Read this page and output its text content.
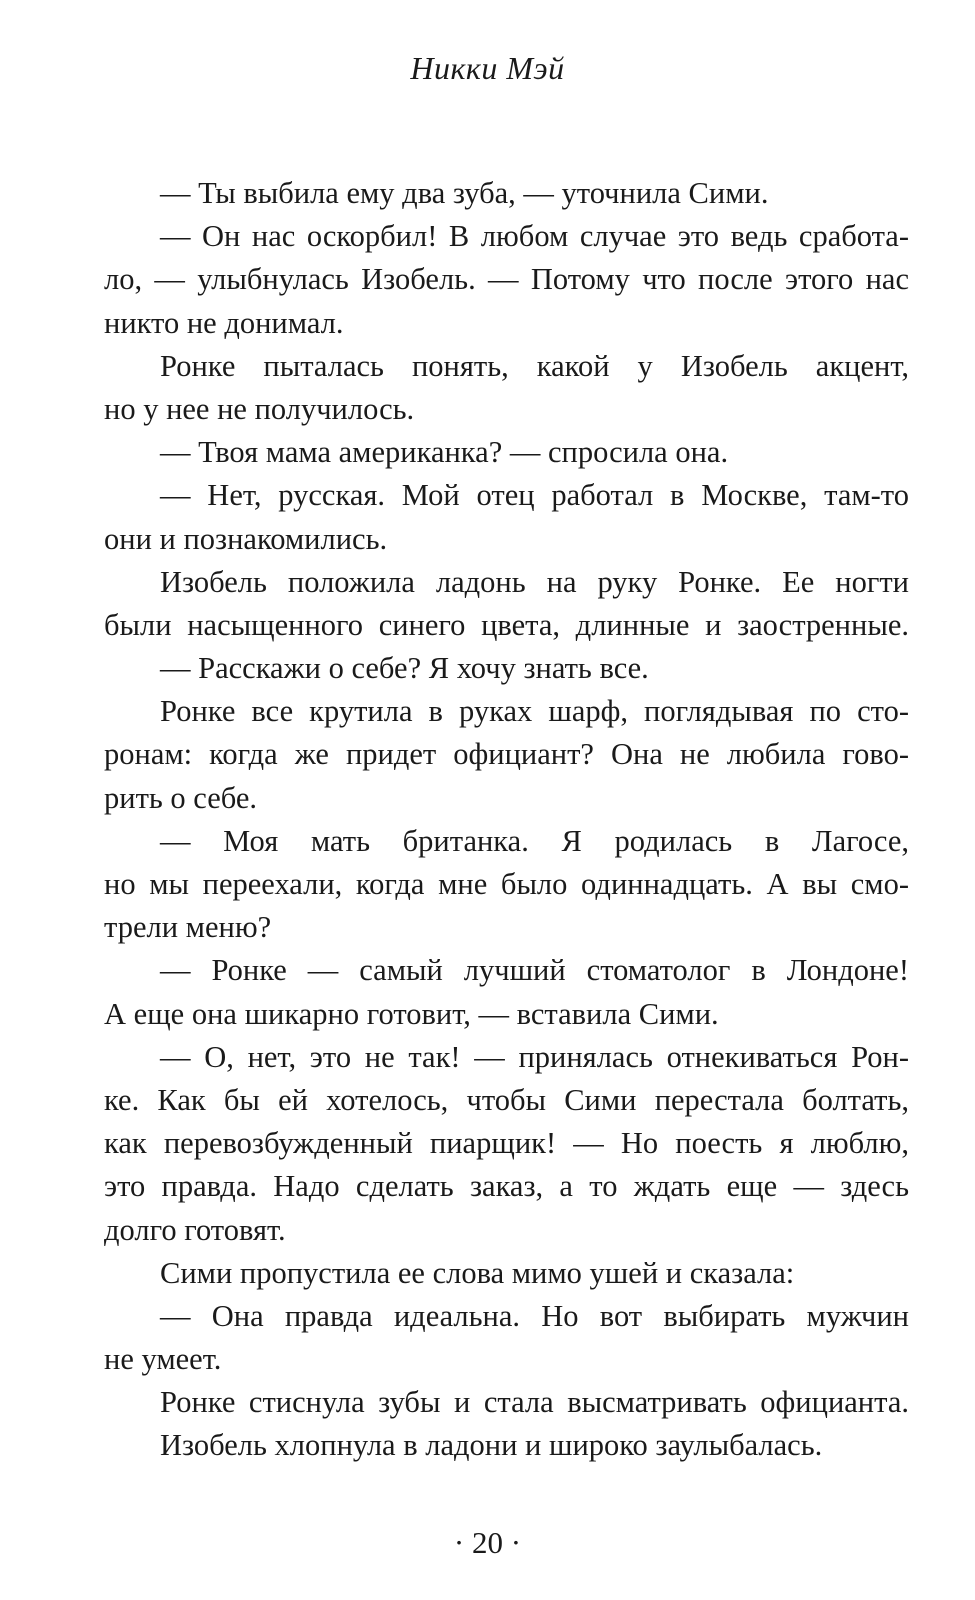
Никки Мэй
— Ты выбила ему два зуба, — уточнила Сими.
— Он нас оскорбил! В любом случае это ведь сработа-
ло, — улыбнулась Изобель. — Потому что после этого нас
никто не донимал.
Ронке пыталась понять, какой у Изобель акцент,
но у нее не получилось.
— Твоя мама американка? — спросила она.
— Нет, русская. Мой отец работал в Москве, там-то
они и познакомились.
Изобель положила ладонь на руку Ронке. Ее ногти
были насыщенного синего цвета, длинные и заостренные.
— Расскажи о себе? Я хочу знать все.
Ронке все крутила в руках шарф, поглядывая по сто-
ронам: когда же придет официант? Она не любила гово-
рить о себе.
— Моя мать британка. Я родилась в Лагосе,
но мы переехали, когда мне было одиннадцать. А вы смо-
трели меню?
— Ронке — самый лучший стоматолог в Лондоне!
А еще она шикарно готовит, — вставила Сими.
— О, нет, это не так! — принялась отнекиваться Рон-
ке. Как бы ей хотелось, чтобы Сими перестала болтать,
как перевозбужденный пиарщик! — Но поесть я люблю,
это правда. Надо сделать заказ, а то ждать еще — здесь
долго готовят.
Сими пропустила ее слова мимо ушей и сказала:
— Она правда идеальна. Но вот выбирать мужчин
не умеет.
Ронке стиснула зубы и стала высматривать официанта.
Изобель хлопнула в ладони и широко заулыбалась.
· 20 ·
